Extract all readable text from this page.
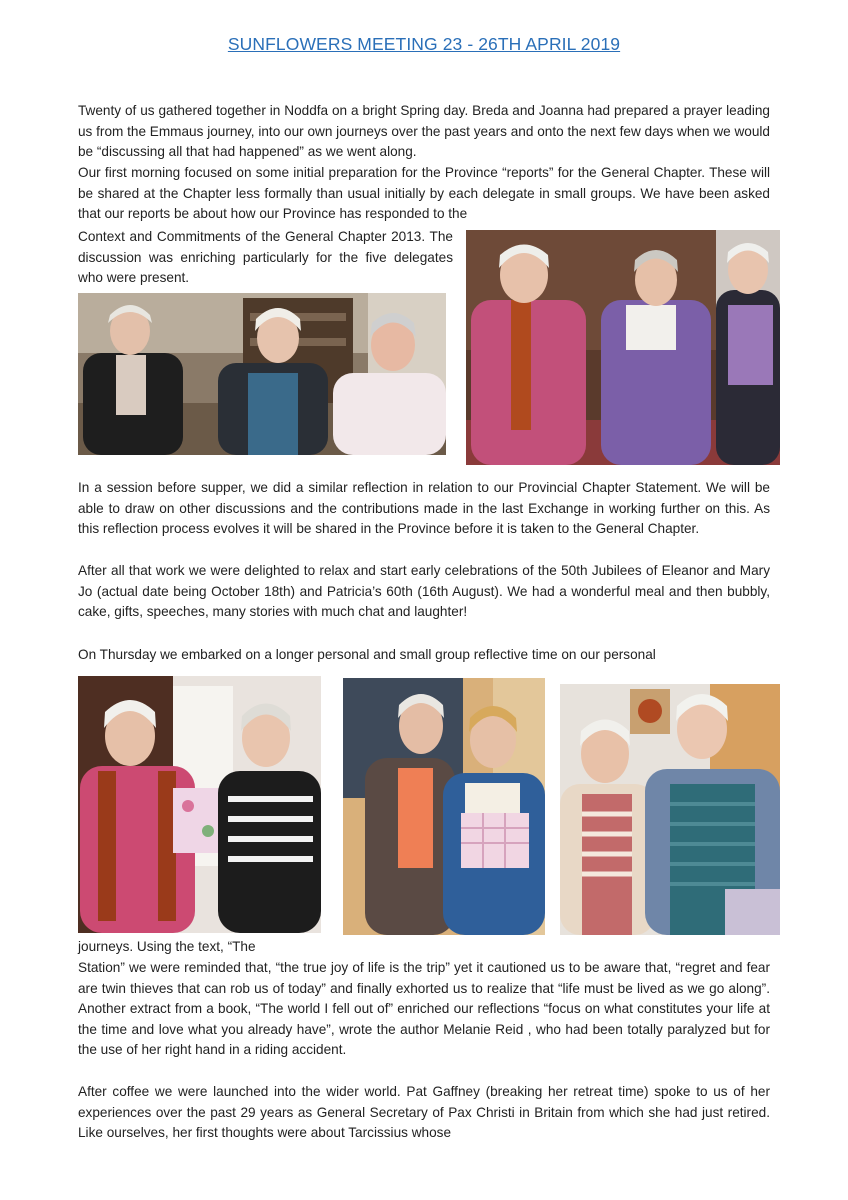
SUNFLOWERS MEETING 23 - 26TH APRIL 2019

Twenty of us gathered together in Noddfa on a bright Spring day. Breda and Joanna had prepared a prayer leading us from the Emmaus journey, into our own journeys over the past years and onto the next few days when we would be “discussing all that had happened” as we went along.

Our first morning focused on some initial preparation for the Province “reports” for the General Chapter. These will be shared at the Chapter less formally than usual initially by each delegate in small groups. We have been asked that our reports be about how our Province has responded to the

Context and Commitments of the General Chapter 2013. The discussion was enriching particularly for the five delegates who were present.

In a session before supper, we did a similar reflection in relation to our Provincial Chapter Statement. We will be able to draw on other discussions and the contributions made in the last Exchange in working further on this. As this reflection process evolves it will be shared in the Province before it is taken to the General Chapter.

After all that work we were delighted to relax and start early celebrations of the 50th Jubilees of Eleanor and Mary Jo (actual date being October 18th) and Patricia’s 60th (16th August). We had a wonderful meal and then bubbly, cake, gifts, speeches, many stories with much chat and laughter!

On Thursday we embarked on a longer personal and small group reflective time on our personal

journeys. Using the text, “The

Station” we were reminded that, “the true joy of life is the trip” yet it cautioned us to be aware that, “regret and fear are twin thieves that can rob us of today” and finally exhorted us to realize that “life must be lived as we go along”. Another extract from a book, “The world I fell out of” enriched our reflections “focus on what constitutes your life at the time and love what you already have”, wrote the author Melanie Reid , who had been totally paralyzed but for the use of her right hand in a riding accident.

After coffee we were launched into the wider world. Pat Gaffney (breaking her retreat time) spoke to us of her experiences over the past 29 years as General Secretary of Pax Christi in Britain from which she had just retired. Like ourselves, her first thoughts were about Tarcissius whose
